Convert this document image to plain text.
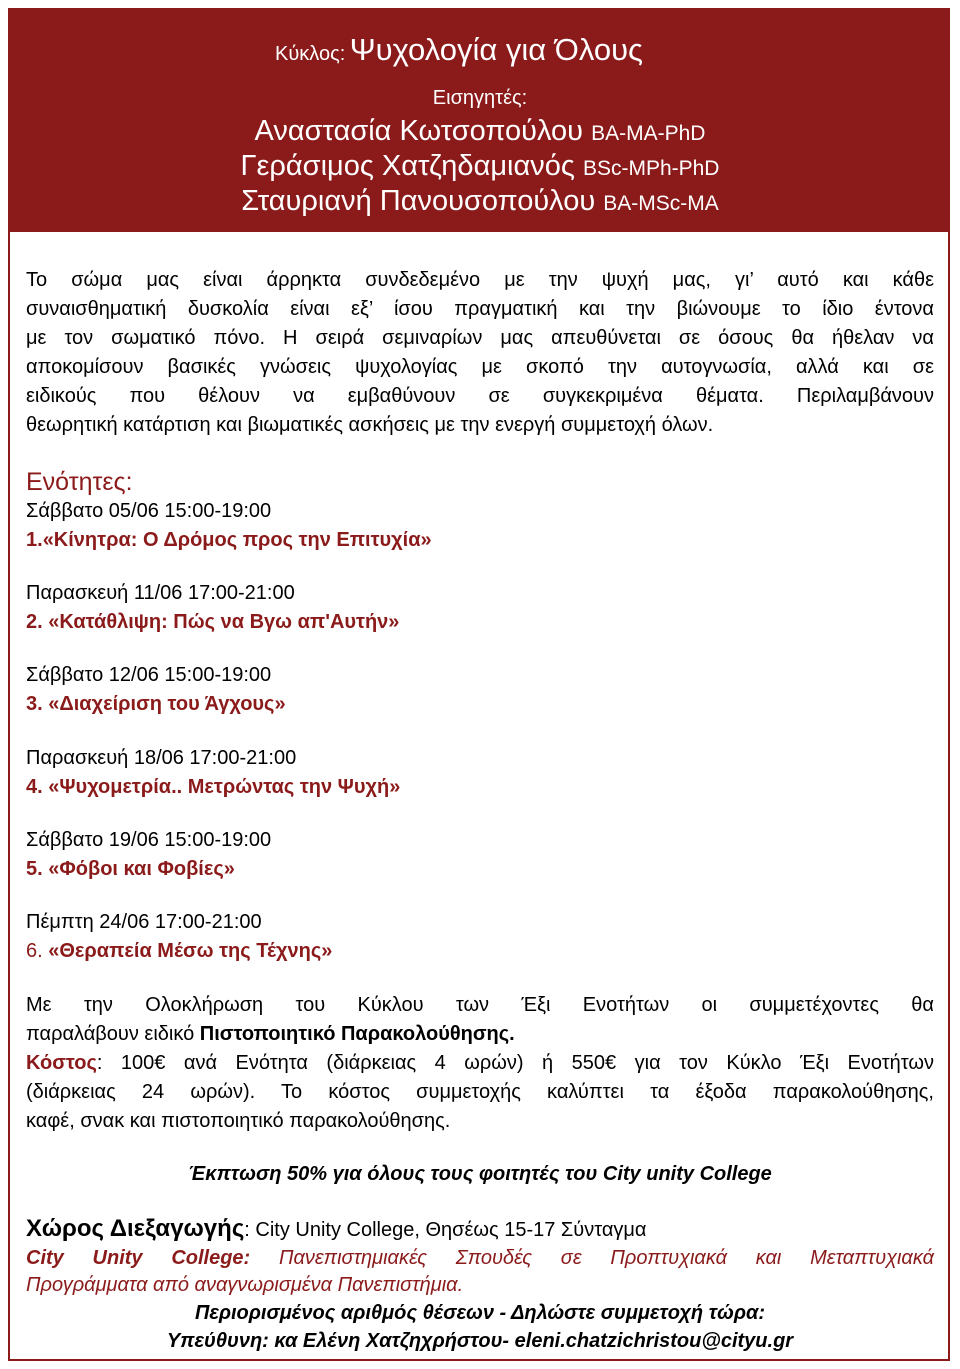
Κύκλος: Ψυχολογία για Όλους
Εισηγητές:
Αναστασία Κωτσοπούλου BA-MA-PhD
Γεράσιμος Χατζηδαμιανός BSc-MPh-PhD
Σταυριανή Πανουσοπούλου BA-MSc-MA
Το σώμα μας είναι άρρηκτα συνδεδεμένο με την ψυχή μας, γι’ αυτό και κάθε
συναισθηματική δυσκολία είναι εξ’ ίσου πραγματική και την βιώνουμε το ίδιο έντονα
με τον σωματικό πόνο. Η σειρά σεμιναρίων μας απευθύνεται σε όσους θα ήθελαν να
αποκομίσουν βασικές γνώσεις ψυχολογίας με σκοπό την αυτογνωσία, αλλά και σε
ειδικούς που θέλουν να εμβαθύνουν σε συγκεκριμένα θέματα. Περιλαμβάνουν
θεωρητική κατάρτιση και βιωματικές ασκήσεις με την ενεργή συμμετοχή όλων.
Ενότητες:
Σάββατο 05/06 15:00-19:00
1.«Κίνητρα: Ο Δρόμος προς την Επιτυχία»
Παρασκευή 11/06 17:00-21:00
2. «Κατάθλιψη: Πώς να Βγω απ'Αυτήν»
Σάββατο 12/06 15:00-19:00
3. «Διαχείριση του Άγχους»
Παρασκευή 18/06 17:00-21:00
4. «Ψυχομετρία.. Μετρώντας την Ψυχή»
Σάββατο 19/06 15:00-19:00
5. «Φόβοι και Φοβίες»
Πέμπτη 24/06 17:00-21:00
6. «Θεραπεία Μέσω της Τέχνης»
Με την Ολοκλήρωση του Κύκλου των Έξι Ενοτήτων οι συμμετέχοντες θα
παραλάβουν ειδικό Πιστοποιητικό Παρακολούθησης.
Κόστος: 100€ ανά Ενότητα (διάρκειας 4 ωρών) ή 550€ για τον Κύκλο Έξι Ενοτήτων
(διάρκειας 24 ωρών). Το κόστος συμμετοχής καλύπτει τα έξοδα παρακολούθησης,
καφέ, σνακ και πιστοποιητικό παρακολούθησης.
Έκπτωση 50% για όλους τους φοιτητές του City unity College
Χώρος Διεξαγωγής: City Unity College, Θησέως 15-17 Σύνταγμα
City Unity College: Πανεπιστημιακές Σπουδές σε Προπτυχιακά και Μεταπτυχιακά
Προγράμματα από αναγνωρισμένα Πανεπιστήμια.
Περιορισμένος αριθμός θέσεων - Δηλώστε συμμετοχή τώρα:
Υπεύθυνη: κα Ελένη Χατζηχρήστου- eleni.chatzichristou@cityu.gr
